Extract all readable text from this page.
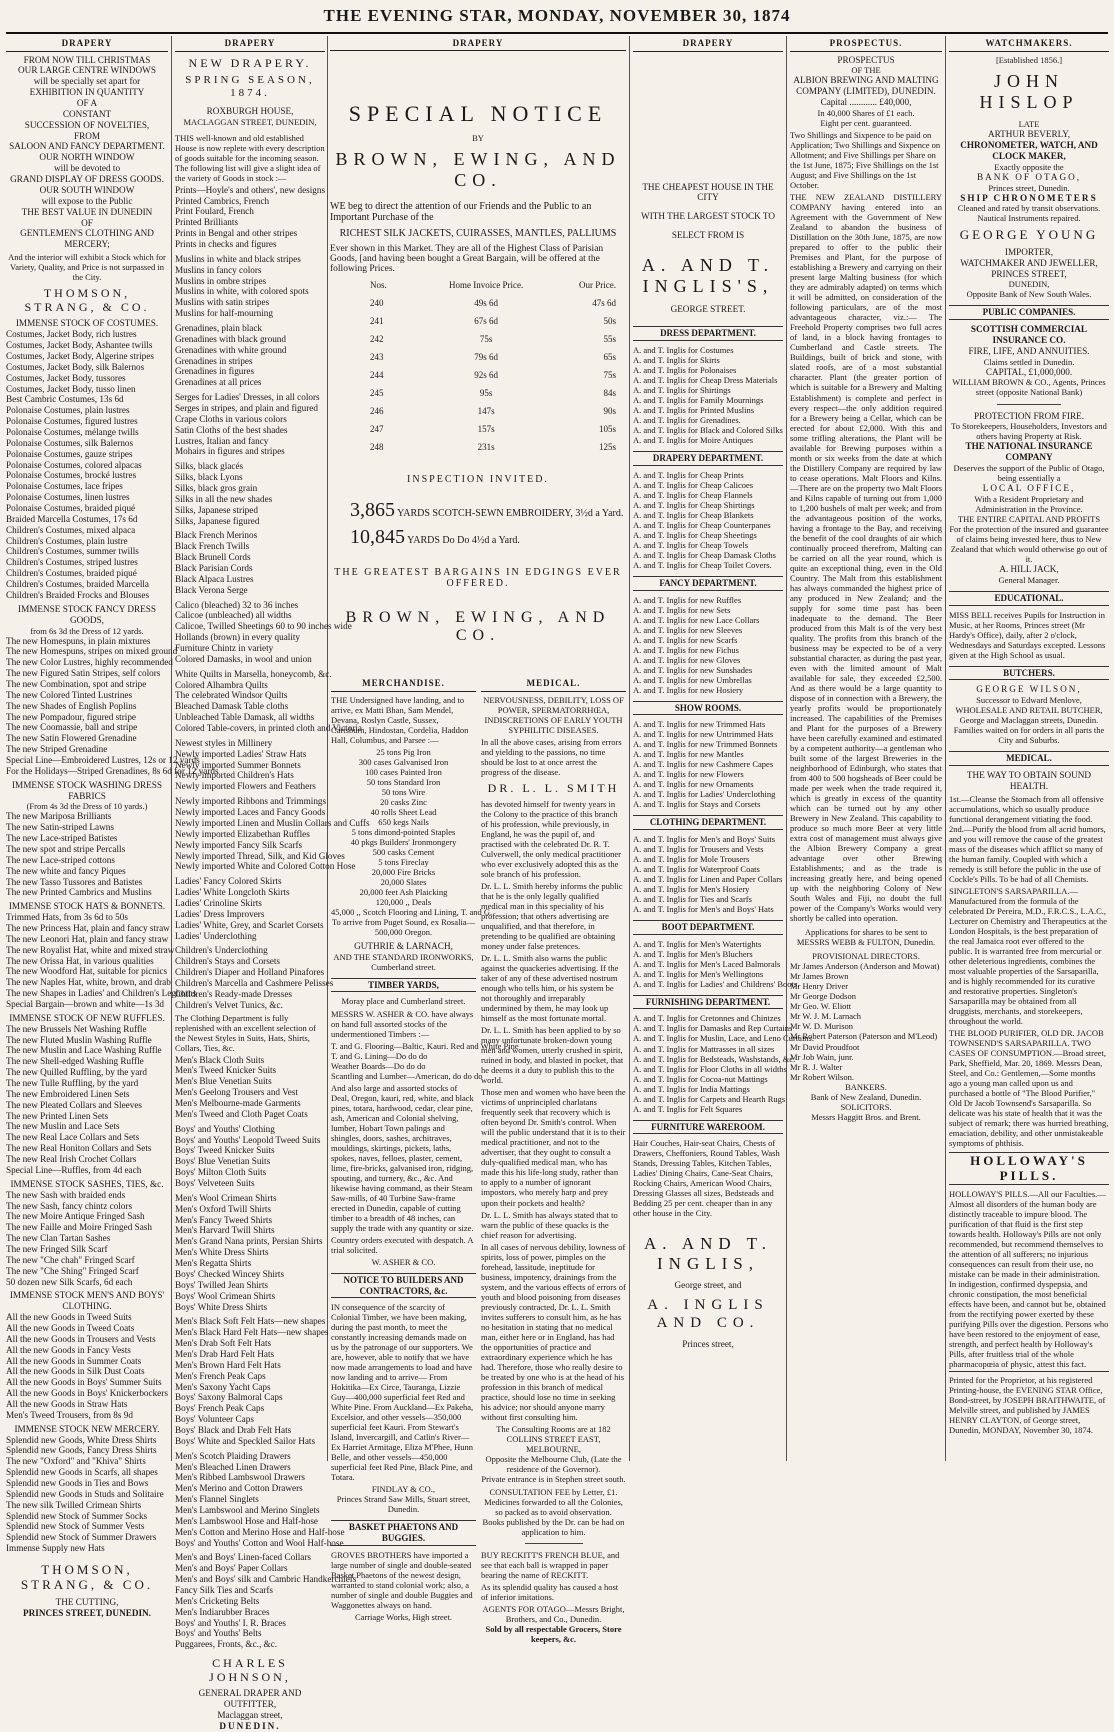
THE EVENING STAR, MONDAY, NOVEMBER 30, 1874
DRAPERY
FROM NOW TILL CHRISTMAS
OUR LARGE CENTRE WINDOWS
will be specially set apart for
EXHIBITION IN QUANTITY
OF A
CONSTANT
SUCCESSION OF NOVELTIES,
FROM
SALOON AND FANCY DEPARTMENT.
OUR NORTH WINDOW
will be devoted to
GRAND DISPLAY OF DRESS GOODS.
OUR SOUTH WINDOW
will expose to the Public
THE BEST VALUE IN DUNEDIN
OF
GENTLEMEN'S CLOTHING AND
MERCERY;
And the interior will exhibit a Stock which for Variety, Quality, and Price is not surpassed in the City.
THOMSON, STRANG, & CO.
IMMENSE STOCK OF COSTUMES.
Costumes, Jacket Body, rich lustres
Costumes, Jacket Body, Ashantee twills
Costumes, Jacket Body, Algerine stripes
Costumes, Jacket Body, silk Balernos
Costumes, Jacket Body, tussores
Costumes, Jacket Body, tusso linen
Best Cambric Costumes, 13s 6d
Polonaise Costumes, plain lustres
Polonaise Costumes, figured lustres
Polonaise Costumes, mélange twills
Polonaise Costumes, silk Balernos
Polonaise Costumes, gauze stripes
Polonaise Costumes, colored alpacas
Polonaise Costumes, brocké lustres
Polonaise Costumes, lace fripes
Polonaise Costumes, linen lustres
Polonaise Costumes, braided piqué
Braided Marcella Costumes, 17s 6d
Children's Costumes, mixed alpaca
Children's Costumes, plain lustre
Children's Costumes, summer twills
Children's Costumes, striped lustres
Children's Costumes, braided piqué
Children's Costumes, braided Marcella
Children's Braided Frocks and Blouses
IMMENSE STOCK FANCY DRESS GOODS,
from 6s 3d the Dress of 12 yards.
The new Homespuns, in plain mixtures
The new Homespuns, stripes on mixed ground
The new Color Lustres, highly recommended
The new Figured Satin Stripes, self colors
The new Combination, spot and stripe
The new Colored Tinted Lustrines
The new Shades of English Poplins
The new Pompadour, figured stripe
The new Coomassie, ball and stripe
The new Satin Flowered Grenadine
The new Striped Grenadine
Special Line—Embroidered Lustres, 12s or 12 yards
For the Holidays—Striped Grenadines, 8s 6d for 12 yards
IMMENSE STOCK WASHING DRESS FABRICS
(From 4s 3d the Dress of 10 yards.)
The new Mariposa Brilliants
The new Satin-striped Lawns
The new Lace-striped Batistes
The new spot and stripe Percalls
The new Lace-striped cottons
The new white and fancy Piques
The new Tasso Tussores and Batistes
The new Printed Cambrics and Muslins
IMMENSE STOCK HATS & BONNETS.
Trimmed Hats, from 3s 6d to 50s
The new Princess Hat, plain and fancy straw
The new Leonori Hat, plain and fancy straw
The new Royalist Hat, white and mixed straw
The new Orissa Hat, in various qualities
The new Woodford Hat, suitable for picnics
The new Naples Hat, white, brown, and drab
The new Shapes in Ladies' and Children's Leghorns
Special Bargain—brown and white—1s 3d
IMMENSE STOCK OF NEW RUFFLES.
The new Brussels Net Washing Ruffle
The new Fluted Muslin Washing Ruffle
The new Muslin and Lace Washing Ruffle
The new Shell-edged Washing Ruffle
The new Quilled Ruffling, by the yard
The new Tulle Ruffling, by the yard
The new Embroidered Linen Sets
The new Pleated Collars and Sleeves
The new Printed Linen Sets
The new Muslin and Lace Sets
The new Real Lace Collars and Sets
The new Real Honiton Collars and Sets
The new Real Irish Crochet Collars
Special Line—Ruffles, from 4d each
IMMENSE STOCK SASHES, TIES, &c.
The new Sash with braided ends
The new Sash, fancy chintz colors
The new Moire Antique Fringed Sash
The new Faille and Moire Fringed Sash
The new Clan Tartan Sashes
The new Fringed Silk Scarf
The new "Che chah" Fringed Scarf
The new "Che Shing" Fringed Scarf
50 dozen new Silk Scarfs, 6d each
IMMENSE STOCK MEN'S AND BOYS' CLOTHING.
All the new Goods in Tweed Suits
All the new Goods in Tweed Coats
All the new Goods in Trousers and Vests
All the new Goods in Fancy Vests
All the new Goods in Summer Coats
All the new Goods in Silk Dust Coats
All the new Goods in Boys' Summer Suits
All the new Goods in Boys' Knickerbockers
All the new Goods in Straw Hats
Men's Tweed Trousers, from 8s 9d
IMMENSE STOCK NEW MERCERY.
Splendid new Goods, White Dress Shirts
Splendid new Goods, Fancy Dress Shirts
The new "Oxford" and "Khiva" Shirts
Splendid new Goods in Scarfs, all shapes
Splendid new Goods in Ties and Bows
Splendid new Goods in Studs and Solitaire
The new silk Twilled Crimean Shirts
Splendid new Stock of Summer Socks
Splendid new Stock of Summer Vests
Splendid new Stock of Summer Drawers
Immense Supply new Hats
THOMSON, STRANG, & CO.
THE CUTTING,
PRINCES STREET, DUNEDIN.
DRAPERY
NEW DRAPERY.
SPRING SEASON, 1874.
ROXBURGH HOUSE,
MACLAGGAN STREET, DUNEDIN,
THIS well-known and old established House is now replete with every description of goods suitable for the incoming season. The following list will give a slight idea of the variety of Goods in stock :—
Prints—Hoyle's and others', new designs
Printed Cambrics, French
Print Foulard, French
Printed Brilliants
Prints in Bengal and other stripes
Prints in checks and figures
Muslins in white and black stripes
Muslins in fancy colors
Muslins in ombre stripes
Muslins in white, with colored spots
Muslins with satin stripes
Muslins for half-mourning
Grenadines, plain black
Grenadines with black ground
Grenadines with white ground
Grenadines in stripes
Grenadines in figures
Grenadines at all prices
Serges for Ladies' Dresses, in all colors
Serges in stripes, and plain and figured
Crape Cloths in various colors
Satin Cloths of the best shades
Lustres, Italian and fancy
Mohairs in figures and stripes
Silks, black glacés
Silks, black Lyons
Silks, black gros grain
Silks in all the new shades
Silks, Japanese striped
Silks, Japanese figured
Black French Merinos
Black French Twills
Black Brunell Cords
Black Parisian Cords
Black Alpaca Lustres
Black Verona Serge
Calico (bleached) 32 to 36 inches
Calicoe (unbleached) all widths
Calicoe, Twilled Sheetings 60 to 90 inches wide
Hollands (brown) in every quality
Furniture Chintz in variety
Colored Damasks, in wool and union
White Quilts in Marsella, honeycomb, &c.
Colored Alhambra Quilts
The celebrated Windsor Quilts
Bleached Damask Table cloths
Unbleached Table Damask, all widths
Colored Table-covers, in printed cloth and Victoria
Newest styles in Millinery
Newly imported Ladies' Straw Hats
Newly imported Summer Bonnets
Newly imported Children's Hats
Newly imported Flowers and Feathers
Newly imported Ribbons and Trimmings
Newly imported Laces and Fancy Goods
Newly imported Linen and Muslin Collars and Cuffs
Newly imported Elizabethan Ruffles
Newly imported Fancy Silk Scarfs
Newly imported Thread, Silk, and Kid Gloves
Newly imported White and Colored Cotton Hose
Ladies' Fancy Colored Skirts
Ladies' White Longcloth Skirts
Ladies' Crinoline Skirts
Ladies' Dress Improvers
Ladies' White, Grey, and Scarlet Corsets
Ladies' Underclothing
Children's Underclothing
Children's Stays and Corsets
Children's Diaper and Holland Pinafores
Children's Marcella and Cashmere Pelisses
Children's Ready-made Dresses
Children's Velvet Tunics, &c.
The Clothing Department is fully replenished with an excellent selection of the Newest Styles in Suits, Hats, Shirts, Collars, Ties, &c.
Men's Black Cloth Suits
Men's Tweed Knicker Suits
Men's Blue Venetian Suits
Men's Geelong Trousers and Vest
Men's Melbourne-made Garments
Men's Tweed and Cloth Paget Coats
Boys' and Youths' Clothing
Boys' and Youths' Leopold Tweed Suits
Boys' Tweed Knicker Suits
Boys' Blue Venetian Suits
Boys' Milton Cloth Suits
Boys' Velveteen Suits
Men's Wool Crimean Shirts
Men's Oxford Twill Shirts
Men's Fancy Tweed Shirts
Men's Harvard Twill Shirts
Men's Grand Nana prints, Persian Shirts
Men's White Dress Shirts
Men's Regatta Shirts
Boys' Checked Wincey Shirts
Boys' Twilled Jean Shirts
Boys' Wool Crimean Shirts
Boys' White Dress Shirts
Men's Black Soft Felt Hats—new shapes
Men's Black Hard Felt Hats—new shapes
Men's Drab Soft Felt Hats
Men's Drab Hard Felt Hats
Men's Brown Hard Felt Hats
Men's French Peak Caps
Men's Saxony Yacht Caps
Boys' Saxony Balmoral Caps
Boys' French Peak Caps
Boys' Volunteer Caps
Boys' Black and Drab Felt Hats
Boys' White and Speckled Sailor Hats
Men's Scotch Plaiding Drawers
Men's Bleached Linen Drawers
Men's Ribbed Lambswool Drawers
Men's Merino and Cotton Drawers
Men's Flannel Singlets
Men's Lambswool and Merino Singlets
Men's Lambswool Hose and Half-hose
Men's Cotton and Merino Hose and Half-hose
Boys' and Youths' Cotton and Wool Half-hose
Men's and Boys' Linen-faced Collars
Men's and Boys' Paper Collars
Men's and Boys' silk and Cambric Handkerchiefs
Fancy Silk Ties and Scarfs
Men's Cricketing Belts
Men's Indiarubber Braces
Boys' and Youths' I. R. Braces
Boys' and Youths' Belts
Puggarees, Fronts, &c., &c.
CHARLES JOHNSON,
GENERAL DRAPER AND OUTFITTER,
Maclaggan street,
DUNEDIN.
DRAPERY
SPECIAL NOTICE
BY
BROWN, EWING, AND CO.
WE beg to direct the attention of our Friends and the Public to an Important Purchase of the
RICHEST SILK JACKETS, CUIRASSES, MANTLES, PALLIUMS
Ever shown in this Market. They are all of the Highest Class of Parisian Goods, [and having been bought a Great Bargain, will be offered at the following Prices.
Nos.	Home Invoice Price.	Our Price.
240	49s 6d	47s 6d
241	67s 6d	50s
242	75s	55s
243	79s 6d	65s
244	92s 6d	75s
245	95s	84s
246	147s	90s
247	157s	105s
248	231s	125s
INSPECTION INVITED.
3,865 YARDS SCOTCH-SEWN EMBROIDERY, 3½d a Yard.
10,845 YARDS Do Do 4½d a Yard.
THE GREATEST BARGAINS IN EDGINGS EVER OFFERED.
BROWN, EWING, AND CO.
MERCHANDISE.
THE Undersigned have landing, and to arrive, ex Matti Bhan, Sam Mendel, Devana, Roslyn Castle, Sussex, Cartsburn, Hindostan, Cordelia, Haddon Hall, Columbus, and Parsee :—
25 tons Pig Iron
300 cases Galvanised Iron
100 cases Painted Iron
50 tons Standard Iron
50 tons Wire
20 casks Zinc
40 rolls Sheet Lead
650 kegs Nails
5 tons dimond-pointed Staples
40 pkgs Builders' Ironmongery
500 casks Cement
5 tons Fireclay
20,000 Fire Bricks
20,000 Slates
20,000 feet Ash Plaicking
120,000 ,, Deals
45,000 ,, Scotch Flooring and Lining, T. and G.
To arrive from Puget Sound, ex Rosalia—
500,000 Oregon.
GUTHRIE & LARNACH,
AND THE STANDARD IRONWORKS, Cumberland street.
TIMBER YARDS,
Moray place and Cumberland street.
MESSRS W. ASHER & CO. have always on hand full assorted stocks of the undermentioned Timbers :—
T. and G. Flooring—Baltic, Kauri. Red and White Pine
T. and G. Lining—Do do do
Weather Boards—Do do do
Scantling and Lumber—American, do do do
And also large and assorted stocks of Deal, Oregon, kauri, red, white, and black pines, totara, hardwood, cedar, clear pine, ash, American and Colonial shelving, lumber, Hobart Town palings and shingles, doors, sashes, architraves, mouldings, skirtings, pickets, laths, spokes, naves, felloes, plaster, cement, lime, fire-bricks, galvanised iron, ridging, spouting, and turnery, &c., &c. And likewise having command, as their Steam Saw-mills, of 40 Turbine Saw-frame erected in Dunedin, capable of cutting timber to a breadth of 48 inches, can supply the trade with any quantity or size.
Country orders executed with despatch. A trial solicited.
W. ASHER & CO.
NOTICE TO BUILDERS AND CONTRACTORS, &c.
IN consequence of the scarcity of Colonial Timber, we have been making, during the past month, to meet the constantly increasing demands made on us by the patronage of our supporters. We are, however, able to notify that we have now made arrangements to load and have now landing and to arrive— From Hokitika—Ex Circe, Tauranga, Lizzie Guy—400,000 superficial feet Red and White Pine. From Auckland—Ex Pakeha, Excelsior, and other vessels—350,000 superficial feet Kauri. From Stewart's Island, Invercargill, and Catlin's River—Ex Harriet Armitage, Eliza M'Phee, Hunn Belle, and other vessels—450,000 superficial feet Red Pine, Black Pine, and Totara.
FINDLAY & CO.,
Princes Strand Saw Mills, Stuart street, Dunedin.
BASKET PHAETONS AND BUGGIES.
GROVES BROTHERS have imported a large number of single and double-seated Basket Phaetons of the newest design, warranted to stand colonial work; also, a number of single and double Buggies and Waggonettes always on hand.
Carriage Works, High street.
MEDICAL.
NERVOUSNESS, DEBILITY, LOSS OF POWER, SPERMATORRHŒA, INDISCRETIONS OF EARLY YOUTH SYPHILITIC DISEASES.
In all the above cases, arising from errors and yielding to the passions, no time should be lost to at once arrest the progress of the disease.
DR. L. L. SMITH
has devoted himself for twenty years in the Colony to the practice of this branch of his profession, while previously, in England, he was the pupil of, and practised with the celebrated Dr. R. T. Culverwell, the only medical practitioner who ever exclusively adopted this as the sole branch of his profession.
Dr. L. L. Smith hereby informs the public that he is the only legally qualified medical man in this speciality of his profession; that others advertising are unqualified, and that therefore, in pretending to be qualified are obtaining money under false pretences.
Dr. L. L. Smith also warns the public against the quackeries advertising. If the taker of any of these advertised nostrum enough who tells him, or his system be not thoroughly and irreparably undermined by them, he may look up himself as the most fortunate mortal.
Dr. L. L. Smith has been applied to by so many unfortunate broken-down young men and women, utterly crushed in spirit, ruined in body, and blasted in pocket, that he deems it a duty to publish this to the world.
Those men and women who have been the victims of unprincipled charlatans frequently seek that recovery which is often beyond Dr. Smith's control. When will the public understand that it is to their medical practitioner, and not to the advertiser, that they ought to consult a duly-qualified medical man, who has made this his life-long study, rather than to apply to a number of ignorant impostors, who merely harp and prey upon their pockets and health?
Dr. L. L. Smith has always stated that to warn the public of these quacks is the chief reason for advertising.
In all cases of nervous debility, lowness of spirits, loss of power, pimples on the forehead, lassitude, ineptitude for business, impotency, drainings from the system, and the various effects of errors of youth and blood poisoning from diseases previously contracted, Dr. L. L. Smith invites sufferers to consult him, as he has no hesitation in stating that no medical man, either here or in England, has had the opportunities of practice and extraordinary experience which he has had. Therefore, those who really desire to be treated by one who is at the head of his profession in this branch of medical practice, should lose no time in seeking his advice; nor should anyone marry without first consulting him.
The Consulting Rooms are at 182 COLLINS STREET EAST, MELBOURNE,
Opposite the Melbourne Club, (Late the residence of the Governor).
Private entrance is in Stephen street south.
CONSULTATION FEE by Letter, £1.
Medicines forwarded to all the Colonies, so packed as to avoid observation.
Books published by the Dr. can be had on application to him.
BUY RECKITT'S FRENCH BLUE, and see that each ball is wrapped in paper bearing the name of RECKITT.
As its splendid quality has caused a host of inferior imitations.
AGENTS FOR OTAGO—Messrs Bright, Brothers, and Co., Dunedin.
Sold by all respectable Grocers, Store keepers, &c.
DRAPERY
THE CHEAPEST HOUSE IN THE CITY
WITH THE LARGEST STOCK TO
SELECT FROM IS
A. AND T. INGLIS'S,
GEORGE STREET.
DRESS DEPARTMENT.
A. and T. Inglis for Costumes
A. and T. Inglis for Skirts
A. and T. Inglis for Polonaises
A. and T. Inglis for Cheap Dress Materials
A. and T. Inglis for Shirtings
A. and T. Inglis for Family Mournings
A. and T. Inglis for Printed Muslins
A. and T. Inglis for Grenadines.
A. and T. Inglis for Black and Colored Silks
A. and T. Inglis for Moire Antiques
DRAPERY DEPARTMENT.
A. and T. Inglis for Cheap Prints
A. and T. Inglis for Cheap Calicoes
A. and T. Inglis for Cheap Flannels
A. and T. Inglis for Cheap Shirtings
A. and T. Inglis for Cheap Blankets
A. and T. Inglis for Cheap Counterpanes
A. and T. Inglis for Cheap Sheetings
A. and T. Inglis for Cheap Towels
A. and T. Inglis for Cheap Damask Cloths
A. and T. Inglis for Cheap Toilet Covers.
FANCY DEPARTMENT.
A. and T. Inglis for new Ruffles
A. and T. Inglis for new Sets
A. and T. Inglis for new Lace Collars
A. and T. Inglis for new Sleeves
A. and T. Inglis for new Scarfs
A. and T. Inglis for new Fichus
A. and T. Inglis for new Gloves
A. and T. Inglis for new Sunshades
A. and T. Inglis for new Umbrellas
A. and T. Inglis for new Hosiery
SHOW ROOMS.
A. and T. Inglis for new Trimmed Hats
A. and T. Inglis for new Untrimmed Hats
A. and T. Inglis for new Trimmed Bonnets
A. and T. Inglis for new Mantles
A. and T. Inglis for new Cashmere Capes
A. and T. Inglis for new Flowers
A. and T. Inglis for new Ornaments
A. and T. Inglis for Ladies' Underclothing
A. and T. Inglis for Stays and Corsets
CLOTHING DEPARTMENT.
A. and T. Inglis for Men's and Boys' Suits
A. and T. Inglis for Trousers and Vests
A. and T. Inglis for Mole Trousers
A. and T. Inglis for Waterproof Coats
A. and T. Inglis for Linen and Paper Collars
A. and T. Inglis for Men's Hosiery
A. and T. Inglis for Ties and Scarfs
A. and T. Inglis for Men's and Boys' Hats
BOOT DEPARTMENT.
A. and T. Inglis for Men's Watertights
A. and T. Inglis for Men's Bluchers
A. and T. Inglis for Men's Laced Balmorals
A. and T. Inglis for Men's Wellingtons
A. and T. Inglis for Ladies' and Childrens' Boots.
FURNISHING DEPARTMENT.
A. and T. Inglis for Cretonnes and Chintzes
A. and T. Inglis for Damasks and Rep Curtains
A. and T. Inglis for Muslin, Lace, and Leno Curtains.
A. and T. Inglis for Mattrasses in all sizes
A. and T. Inglis for Bedsteads, Washstands, &c.
A. and T. Inglis for Floor Cloths in all widths
A. and T. Inglis for Cocoa-nut Mattings
A. and T. Inglis for India Mattings
A. and T. Inglis for Carpets and Hearth Rugs
A. and T. Inglis for Felt Squares
FURNITURE WAREROOM.
Hair Couches, Hair-seat Chairs, Chests of Drawers, Cheffoniers, Round Tables, Wash Stands, Dressing Tables, Kitchen Tables, Ladies' Dining Chairs, Cane-Seat Chairs, Rocking Chairs, American Wood Chairs, Dressing Glasses all sizes, Bedsteads and Bedding 25 per cent. cheaper than in any other house in the City.
A. AND T. INGLIS,
George street, and
A. INGLIS AND CO.
Princes street,
PROSPECTUS.
PROSPECTUS
OF THE
ALBION BREWING AND MALTING COMPANY (LIMITED), DUNEDIN.
Capital ............ £40,000,
In 40,000 Shares of £1 each.
Eight per cent. guaranteed.
Two Shillings and Sixpence to be paid on Application; Two Shillings and Sixpence on Allotment; and Five Shillings per Share on the 1st June, 1875; Five Shillings on the 1st August; and Five Shillings on the 1st October.
THE NEW ZEALAND DISTILLERY COMPANY having entered into an Agreement with the Government of New Zealand to abandon the business of Distillation on the 30th June, 1875, are now prepared to offer to the public their Premises and Plant, for the purpose of establishing a Brewery and carrying on their present large Malting business (for which they are admirably adapted) on terms which it will be admitted, on consideration of the following particulars, are of the most advantageous character, viz.:— The Freehold Property comprises two full acres of land, in a block having frontages to Cumberland and Castle streets. The Buildings, built of brick and stone, with slated roofs, are of a most substantial character. Plant (the greater portion of which is suitable for a Brewery and Malting Establishment) is complete and perfect in every respect—the only addition required for a Brewery being a Cellar, which can be erected for about £2,000. With this and some trifling alterations, the Plant will be available for Brewing purposes within a month or six weeks from the date at which the Distillery Company are required by law to cease operations. Malt Floors and Kilns.—There are on the property two Malt Floors and Kilns capable of turning out from 1,000 to 1,200 bushels of malt per week; and from the advantageous position of the works, having a frontage to the Bay, and receiving the benefit of the cool draughts of air which continually proceed therefrom, Malting can be carried on all the year round, which is quite an exceptional thing, even in the Old Country. The Malt from this establishment has always commanded the highest price of any produced in New Zealand; and the supply for some time past has been inadequate to the demand. The Beer produced from this Malt is of the very best quality. The profits from this branch of the business may be expected to be of a very substantial character, as during the past year, even with the limited amount of Malt available for sale, they exceeded £2,500. And as there would be a large quantity to dispose of in connection with a Brewery, the yearly profits would be proportionately increased. The capabilities of the Premises and Plant for the purposes of a Brewery have been carefully examined and estimated by a competent authority—a gentleman who built some of the largest Breweries in the neighborhood of Edinburgh, who states that from 400 to 500 hogsheads of Beer could be made per week when the trade required it, which is greatly in excess of the quantity which can be turned out by any other Brewery in New Zealand. This capability to produce so much more Beer at very little extra cost of management must always give the Albion Brewery Company a great advantage over other Brewing Establishments; and as the trade is increasing greatly here, and being opened up with the neighboring Colony of New South Wales and Fiji, no doubt the full power of the Company's Works would very shortly be called into operation.
Applications for shares to be sent to
MESSRS WEBB & FULTON, Dunedin.
PROVISIONAL DIRECTORS.
Mr James Anderson (Anderson and Mowat)
Mr James Brown
Mr Henry Driver
Mr George Dodson
Mr Geo. W. Eliott
Mr W. J. M. Larnach
Mr W. D. Murison
Mr Robert Paterson (Paterson and M'Leod)
Mr David Proudfoot
Mr Job Wain, junr.
Mr R. J. Walter
Mr Robert Wilson.
BANKERS.
Bank of New Zealand, Dunedin.
SOLICITORS.
Messrs Haggitt Bros. and Brent.
WATCHMAKERS.
[Established 1856.]
JOHN HISLOP
LATE
ARTHUR BEVERLY,
CHRONOMETER, WATCH, AND CLOCK MAKER,
Exactly opposite the
BANK OF OTAGO,
Princes street, Dunedin.
SHIP CHRONOMETERS
Cleaned and rated by transit observations. Nautical Instruments repaired.
GEORGE YOUNG
IMPORTER,
WATCHMAKER AND JEWELLER,
PRINCES STREET,
DUNEDIN,
Opposite Bank of New South Wales.
PUBLIC COMPANIES.
SCOTTISH COMMERCIAL INSURANCE CO.
FIRE, LIFE, AND ANNUITIES.
Claims settled in Dunedin.
CAPITAL, £1,000,000.
WILLIAM BROWN & CO., Agents, Princes street (opposite National Bank)
PROTECTION FROM FIRE.
To Storekeepers, Householders, Investors and others having Property at Risk.
THE NATIONAL INSURANCE COMPANY
Deserves the support of the Public of Otago, being essentially a
LOCAL OFFICE,
With a Resident Proprietary and Administration in the Province.
THE ENTIRE CAPITAL AND PROFITS
For the protection of the insured and guarantee of claims being invested here, thus to New Zealand that which would otherwise go out of it.
A. HILL JACK,
General Manager.
EDUCATIONAL.
MISS BELL receives Pupils for Instruction in Music, at her Rooms, Princes street (Mr Hardy's Office), daily, after 2 o'clock, Wednesdays and Saturdays excepted. Lessons given at the High School as usual.
BUTCHERS.
GEORGE WILSON,
Successor to Edward Menlove,
WHOLESALE AND RETAIL BUTCHER,
George and Maclaggan streets, Dunedin.
Families waited on for orders in all parts the City and Suburbs.
MEDICAL.
THE WAY TO OBTAIN SOUND HEALTH.
1st.—Cleanse the Stomach from all offensive accumulations, which so usually produce functional derangement vitiating the food. 2nd.—Purify the blood from all acrid humors, and you will remove the cause of the greatest mass of the diseases which afflict so many of the human family. Coupled with which a remedy is still before the public in the use of Cockle's Pills. To be had of all Chemists.
SINGLETON'S SARSAPARILLA.—Manufactured from the formula of the celebrated Dr Pereira, M.D., F.R.C.S., L.A.C., Lecturer on Chemistry and Therapeutics at the London Hospitals, is the best preparation of the real Jamaica root ever offered to the public. It is warranted free from mercurial or other deleterious ingredients, combines the most valuable properties of the Sarsaparilla, and is highly recommended for its curative and restorative properties. Singleton's Sarsaparilla may be obtained from all druggists, merchants, and storekeepers, throughout the world.
THE BLOOD PURIFIER, OLD DR. JACOB TOWNSEND'S SARSAPARILLA. TWO CASES OF CONSUMPTION.—Broad street, Park, Sheffield, Mar. 20, 1869. Messrs Dean, Steel, and Co.: Gentlemen,—Some months ago a young man called upon us and purchased a bottle of "The Blood Purifier," Old Dr Jacob Townsend's Sarsaparilla. So delicate was his state of health that it was the subject of remark; there was hurried breathing, emaciation, debility, and other unmistakeable symptoms of phthisis.
HOLLOWAY'S PILLS.
HOLLOWAY'S PILLS.—All our Faculties.—Almost all disorders of the human body are distinctly traceable to impure blood. The purification of that fluid is the first step towards health. Holloway's Pills are not only recommended, but recommend themselves to the attention of all sufferers; no injurious consequences can result from their use, no mistake can be made in their administration. In indigestion, confirmed dyspepsia, and chronic constipation, the most beneficial effects have been, and cannot but be, obtained from the rectifying power exerted by these purifying Pills over the digestion. Persons who have been restored to the enjoyment of ease, strength, and perfect health by Holloway's Pills, after fruitless trial of the whole pharmacopœia of physic, attest this fact.
Printed for the Proprietor, at his registered Printing-house, the EVENING STAR Office, Bond-street, by JOSEPH BRAITHWAITE, of Melville street, and published by JAMES HENRY CLAYTON, of George street, Dunedin, MONDAY, November 30, 1874.
